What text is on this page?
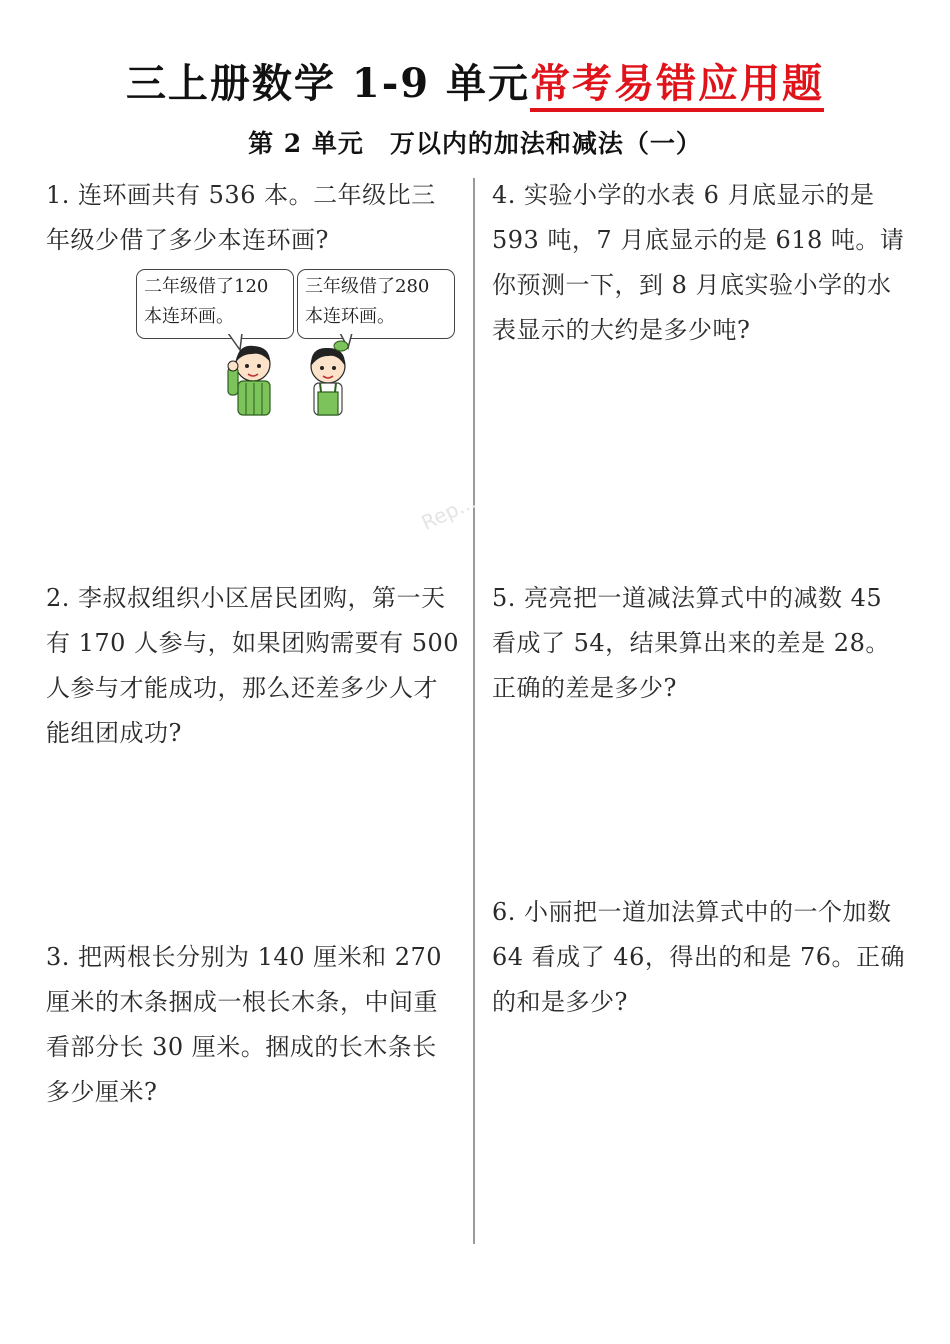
三上册数学 1-9 单元常考易错应用题
第 2 单元 万以内的加法和减法（一）
1. 连环画共有 536 本。二年级比三年级少借了多少本连环画?
二年级借了120本连环画。
三年级借了280本连环画。
2. 李叔叔组织小区居民团购，第一天有 170 人参与，如果团购需要有 500 人参与才能成功，那么还差多少人才能组团成功?
3. 把两根长分别为 140 厘米和 270 厘米的木条捆成一根长木条，中间重看部分长 30 厘米。捆成的长木条长多少厘米?
4. 实验小学的水表 6 月底显示的是 593 吨，7 月底显示的是 618 吨。请你预测一下，到 8 月底实验小学的水表显示的大约是多少吨?
5. 亮亮把一道减法算式中的减数 45 看成了 54，结果算出来的差是 28。正确的差是多少?
6. 小丽把一道加法算式中的一个加数 64 看成了 46，得出的和是 76。正确的和是多少?
Rep...
